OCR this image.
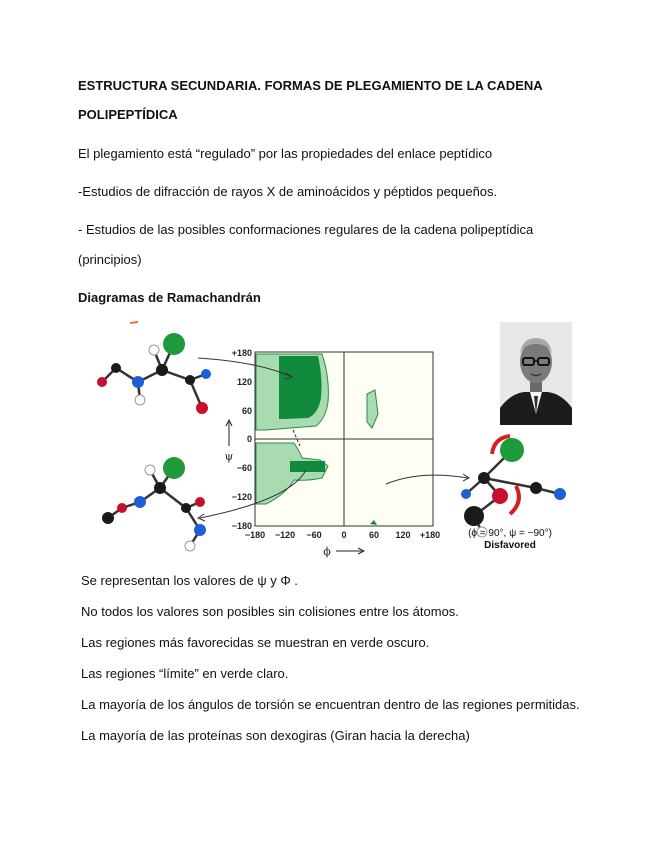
ESTRUCTURA SECUNDARIA. FORMAS DE PLEGAMIENTO DE LA CADENA
POLIPEPTÍDICA
El plegamiento está “regulado” por las propiedades del enlace peptídico
-Estudios de difracción de rayos X de aminoácidos y péptidos pequeños.
- Estudios de las posibles conformaciones regulares de la cadena polipeptídica
(principios)
Diagramas de Ramachandrán
+180
120
60
0
−60
−120
−180
−180 −120 −60 0 60 120 +180
ψ
ϕ
(ϕ = 90°, ψ = −90°)
Disfavored
Se representan los valores de ψ y Φ .
No todos los valores son posibles sin colisiones entre los átomos.
Las regiones más favorecidas se muestran en verde oscuro.
Las regiones “límite” en verde claro.
La mayoría de los ángulos de torsión se encuentran dentro de las regiones permitidas.
La mayoría de las proteínas son dexogiras (Giran hacia la derecha)
